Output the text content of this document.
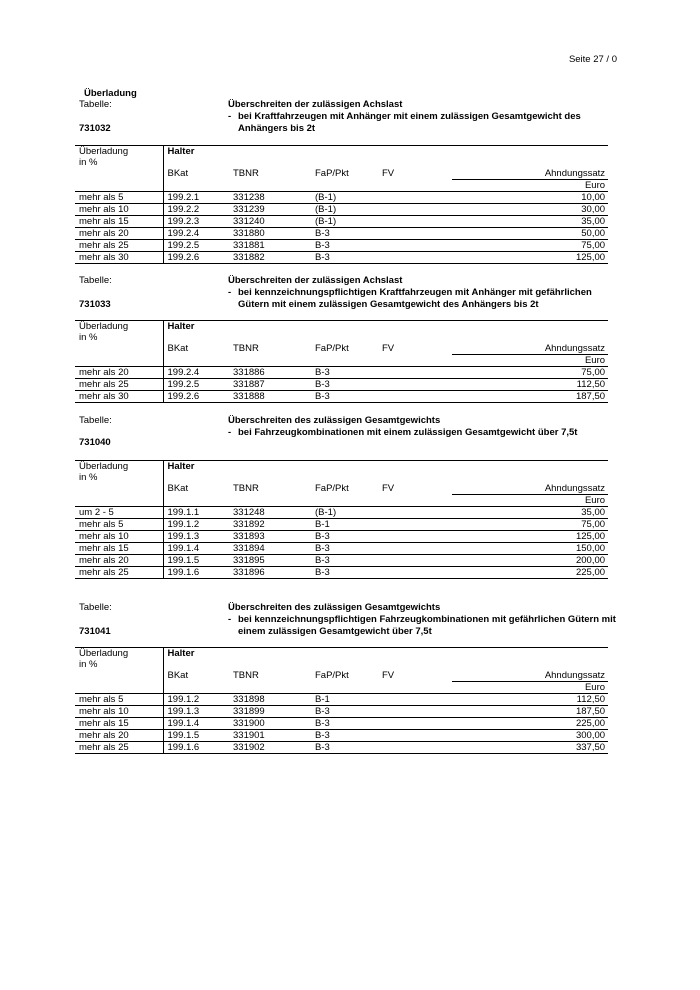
Seite 27 / 0
Überladung
Tabelle:
731032
Überschreiten der zulässigen Achslast
- bei Kraftfahrzeugen mit Anhänger mit einem zulässigen Gesamtgewicht des Anhängers bis 2t
Überladung
in %	Halter				
	BKat	TBNR	FaP/Pkt	FV	Ahndungssatz
					Euro
mehr als 5	199.2.1	331238	(B-1)		10,00
mehr als 10	199.2.2	331239	(B-1)		30,00
mehr als 15	199.2.3	331240	(B-1)		35,00
mehr als 20	199.2.4	331880	B-3		50,00
mehr als 25	199.2.5	331881	B-3		75,00
mehr als 30	199.2.6	331882	B-3		125,00
Tabelle:
731033
Überschreiten der zulässigen Achslast
- bei kennzeichnungspflichtigen Kraftfahrzeugen mit Anhänger mit gefährlichen Gütern mit einem zulässigen Gesamtgewicht des Anhängers bis 2t
Überladung
in %	Halter				
	BKat	TBNR	FaP/Pkt	FV	Ahndungssatz
					Euro
mehr als 20	199.2.4	331886	B-3		75,00
mehr als 25	199.2.5	331887	B-3		112,50
mehr als 30	199.2.6	331888	B-3		187,50
Tabelle:
731040
Überschreiten des zulässigen Gesamtgewichts
- bei Fahrzeugkombinationen mit einem zulässigen Gesamtgewicht über 7,5t
Überladung
in %	Halter				
	BKat	TBNR	FaP/Pkt	FV	Ahndungssatz
					Euro
um 2 - 5	199.1.1	331248	(B-1)		35,00
mehr als 5	199.1.2	331892	B-1		75,00
mehr als 10	199.1.3	331893	B-3		125,00
mehr als 15	199.1.4	331894	B-3		150,00
mehr als 20	199.1.5	331895	B-3		200,00
mehr als 25	199.1.6	331896	B-3		225,00
Tabelle:
731041
Überschreiten des zulässigen Gesamtgewichts
- bei kennzeichnungspflichtigen Fahrzeugkombinationen mit gefährlichen Gütern mit einem zulässigen Gesamtgewicht über 7,5t
Überladung
in %	Halter				
	BKat	TBNR	FaP/Pkt	FV	Ahndungssatz
					Euro
mehr als 5	199.1.2	331898	B-1		112,50
mehr als 10	199.1.3	331899	B-3		187,50
mehr als 15	199.1.4	331900	B-3		225,00
mehr als 20	199.1.5	331901	B-3		300,00
mehr als 25	199.1.6	331902	B-3		337,50
